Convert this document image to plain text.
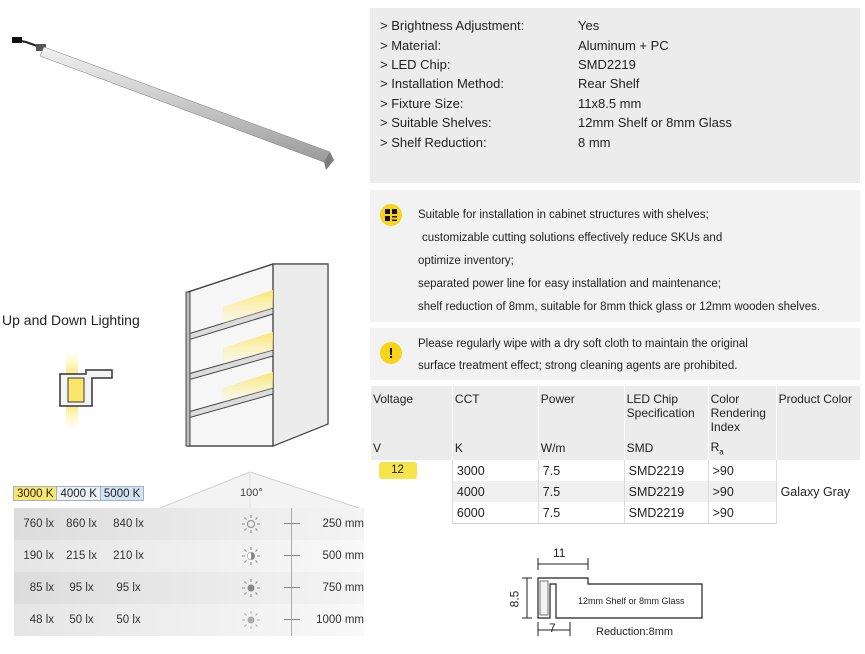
> Brightness Adjustment:	Yes
> Material:	Aluminum + PC
> LED Chip:	SMD2219
> Installation Method:	Rear Shelf
> Fixture Size:	11x8.5 mm
> Suitable Shelves:	12mm Shelf or 8mm Glass
> Shelf Reduction:	8 mm
Suitable for installation in cabinet structures with shelves;
customizable cutting solutions effectively reduce SKUs and
optimize inventory;
separated power line for easy installation and maintenance;
shelf reduction of 8mm, suitable for 8mm thick glass or 12mm wooden shelves.
!
Please regularly wipe with a dry soft cloth to maintain the original
surface treatment effect; strong cleaning agents are prohibited.
Voltage	CCT	Power	LED Chip Specification	Color Rendering Index	Product Color
V	K	W/m	SMD	$R_a$	
12	3000	7.5	SMD2219	>90	Galaxy Gray
	4000	7.5	SMD2219	>90	
	6000	7.5	SMD2219	>90	
Up and Down Lighting
3000 K 4000 K 5000 K	100°
760 lx	860 lx	840 lx	250 mm
190 lx	215 lx	210 lx	500 mm
85 lx	95 lx	95 lx	750 mm
48 lx	50 lx	50 lx	1000 mm
11
8.5	12mm Shelf or 8mm Glass
7	Reduction:8mm
